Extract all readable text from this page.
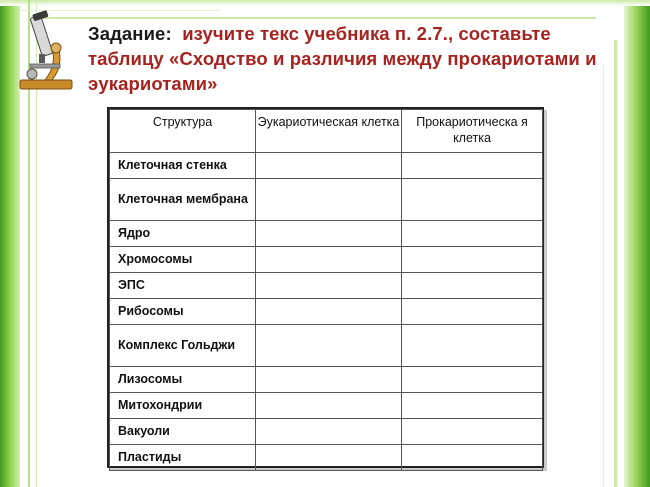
Задание: изучите текс учебника п. 2.7., составьте таблицу «Сходство и различия между прокариотами и эукариотами»
Структура	Эукариотическая клетка	Прокариотическа я клетка
Клеточная стенка		
Клеточная мембрана		
Ядро		
Хромосомы		
ЭПС		
Рибосомы		
Комплекс Гольджи		
Лизосомы		
Митохондрии		
Вакуоли		
Пластиды		
